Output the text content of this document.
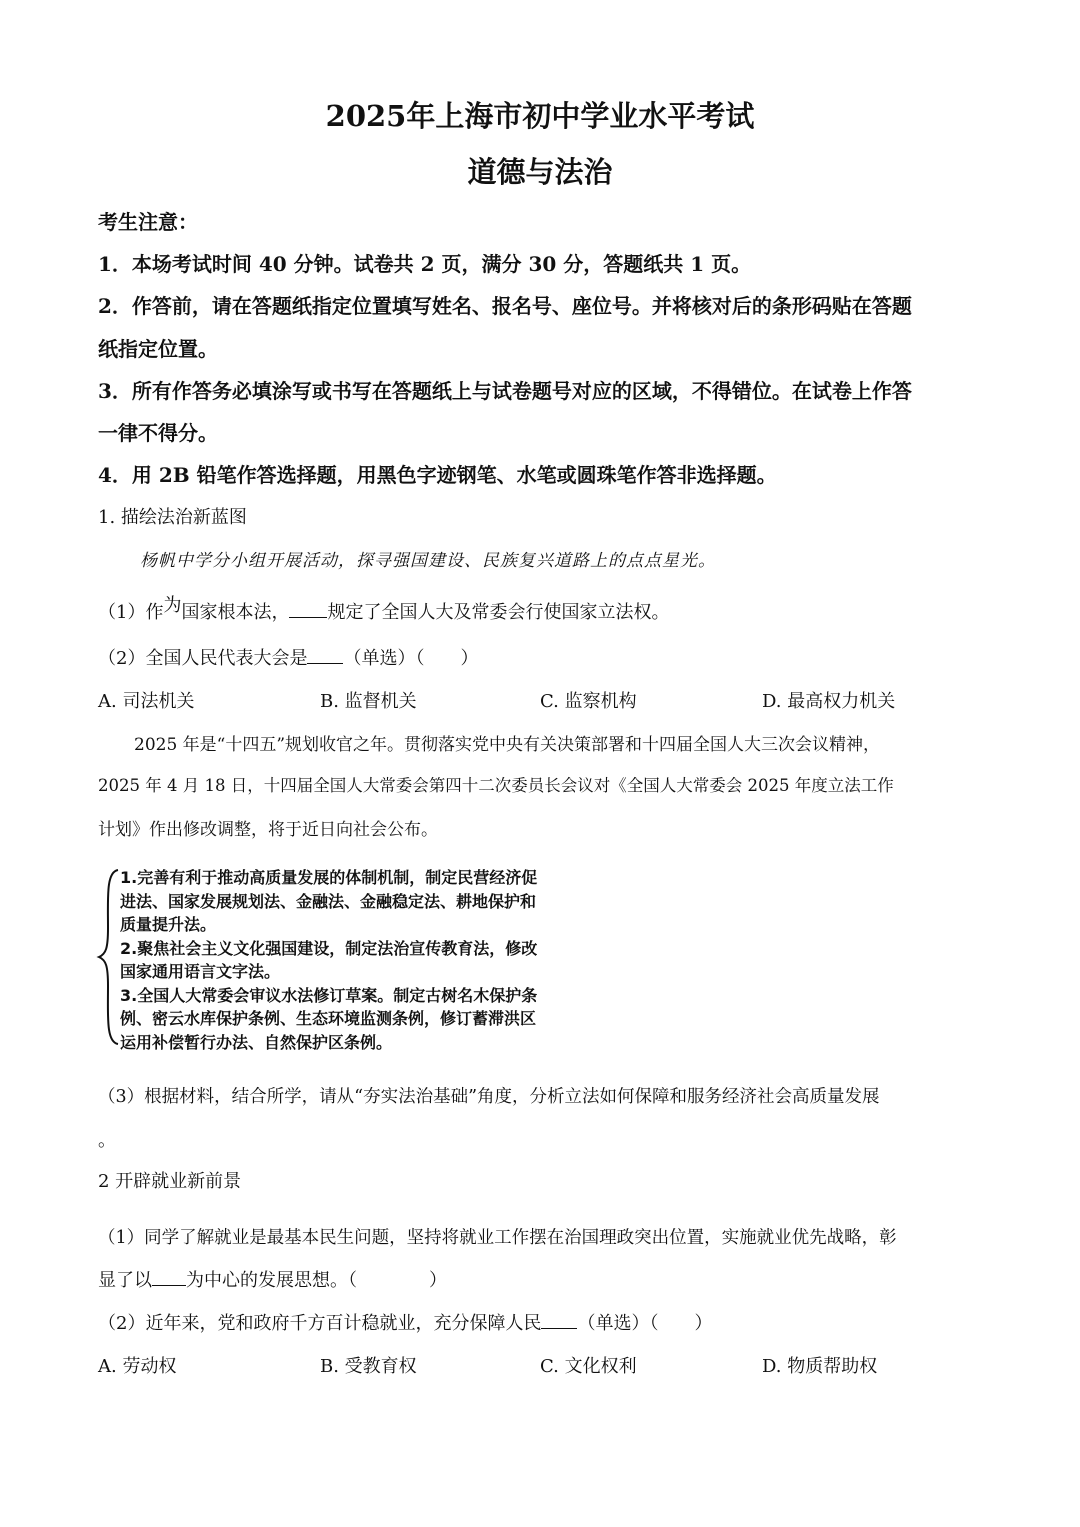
2025年上海市初中学业水平考试
道德与法治
考生注意：
1．本场考试时间 40 分钟。试卷共 2 页，满分 30 分，答题纸共 1 页。
2．作答前，请在答题纸指定位置填写姓名、报名号、座位号。并将核对后的条形码贴在答题
纸指定位置。
3．所有作答务必填涂写或书写在答题纸上与试卷题号对应的区域，不得错位。在试卷上作答
一律不得分。
4．用 2B 铅笔作答选择题，用黑色字迹钢笔、水笔或圆珠笔作答非选择题。
1. 描绘法治新蓝图
杨帆中学分小组开展活动，探寻强国建设、民族复兴道路上的点点星光。
（1）作为国家根本法， 规定了全国人大及常委会行使国家立法权。
（2）全国人民代表大会是 （单选）（　　）
A. 司法机关	B. 监督机关	C. 监察机构	D. 最高权力机关
2025 年是“十四五”规划收官之年。贯彻落实党中央有关决策部署和十四届全国人大三次会议精神，
2025 年 4 月 18 日，十四届全国人大常委会第四十二次委员长会议对《全国人大常委会 2025 年度立法工作
计划》作出修改调整，将于近日向社会公布。
1.完善有利于推动高质量发展的体制机制，制定民营经济促
进法、国家发展规划法、金融法、金融稳定法、耕地保护和
质量提升法。
2.聚焦社会主义文化强国建设，制定法治宣传教育法，修改
国家通用语言文字法。
3.全国人大常委会审议水法修订草案。制定古树名木保护条
例、密云水库保护条例、生态环境监测条例，修订蓄滞洪区
运用补偿暂行办法、自然保护区条例。
（3）根据材料，结合所学，请从“夯实法治基础”角度，分析立法如何保障和服务经济社会高质量发展
。
2 开辟就业新前景
（1）同学了解就业是最基本民生问题，坚持将就业工作摆在治国理政突出位置，实施就业优先战略，彰
显了以 为中心的发展思想。（　　　　）
（2）近年来，党和政府千方百计稳就业，充分保障人民 （单选）（　　）
A. 劳动权	B. 受教育权	C. 文化权利	D. 物质帮助权
